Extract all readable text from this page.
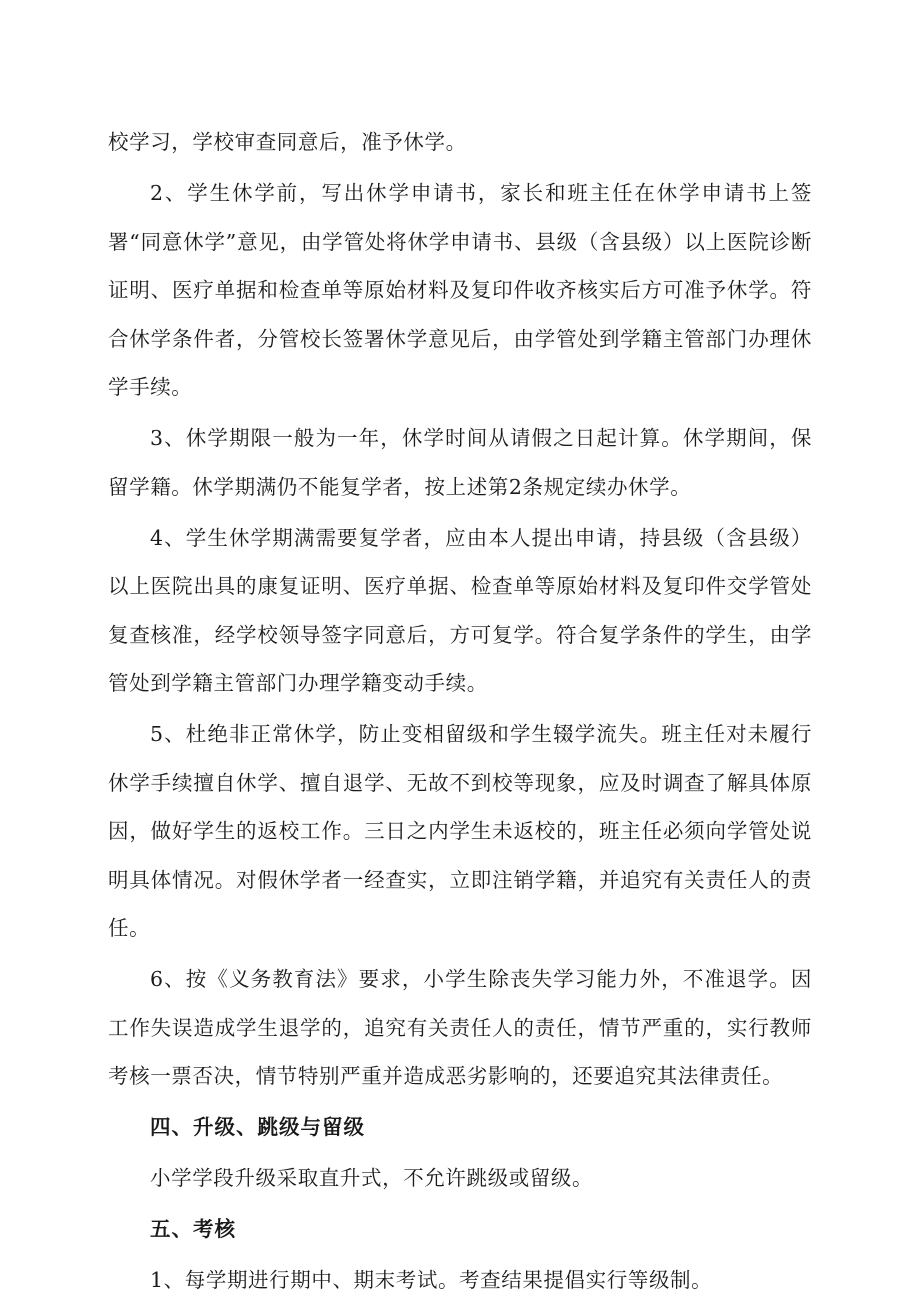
校学习，学校审查同意后，准予休学。

2、学生休学前，写出休学申请书，家长和班主任在休学申请书上签署“同意休学”意见，由学管处将休学申请书、县级（含县级）以上医院诊断证明、医疗单据和检查单等原始材料及复印件收齐核实后方可准予休学。符合休学条件者，分管校长签署休学意见后，由学管处到学籍主管部门办理休学手续。

3、休学期限一般为一年，休学时间从请假之日起计算。休学期间，保留学籍。休学期满仍不能复学者，按上述第2条规定续办休学。

4、学生休学期满需要复学者，应由本人提出申请，持县级（含县级）以上医院出具的康复证明、医疗单据、检查单等原始材料及复印件交学管处复查核准，经学校领导签字同意后，方可复学。符合复学条件的学生，由学管处到学籍主管部门办理学籍变动手续。

5、杜绝非正常休学，防止变相留级和学生辍学流失。班主任对未履行休学手续擅自休学、擅自退学、无故不到校等现象，应及时调查了解具体原因，做好学生的返校工作。三日之内学生未返校的，班主任必须向学管处说明具体情况。对假休学者一经查实，立即注销学籍，并追究有关责任人的责任。

6、按《义务教育法》要求，小学生除丧失学习能力外，不准退学。因工作失误造成学生退学的，追究有关责任人的责任，情节严重的，实行教师考核一票否决，情节特别严重并造成恶劣影响的，还要追究其法律责任。

四、升级、跳级与留级

小学学段升级采取直升式，不允许跳级或留级。

五、考核

1、每学期进行期中、期末考试。考查结果提倡实行等级制。
